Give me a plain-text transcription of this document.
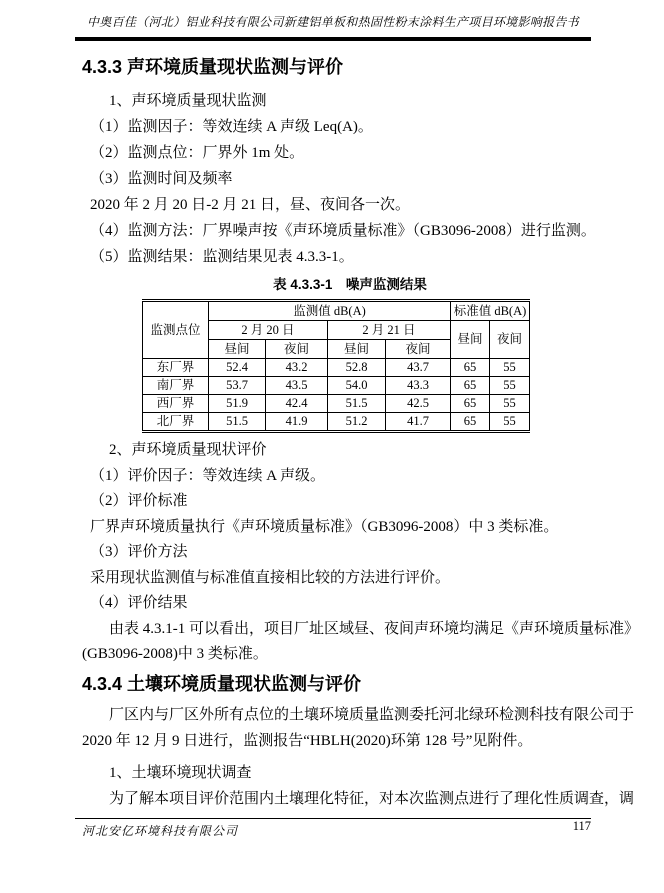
中奥百佳（河北）铝业科技有限公司新建铝单板和热固性粉末涂料生产项目环境影响报告书
4.3.3 声环境质量现状监测与评价
1、声环境质量现状监测
（1）监测因子：等效连续 A 声级 Leq(A)。
（2）监测点位：厂界外 1m 处。
（3）监测时间及频率
2020 年 2 月 20 日-2 月 21 日，昼、夜间各一次。
（4）监测方法：厂界噪声按《声环境质量标准》（GB3096-2008）进行监测。
（5）监测结果：监测结果见表 4.3.3-1。
表 4.3.3-1　噪声监测结果
监测点位	监测值 dB(A)				标准值 dB(A)	
	2 月 20 日		2 月 21 日		昼间	夜间
	昼间	夜间	昼间	夜间		
东厂界	52.4	43.2	52.8	43.7	65	55
南厂界	53.7	43.5	54.0	43.3	65	55
西厂界	51.9	42.4	51.5	42.5	65	55
北厂界	51.5	41.9	51.2	41.7	65	55
2、声环境质量现状评价
（1）评价因子：等效连续 A 声级。
（2）评价标准
厂界声环境质量执行《声环境质量标准》（GB3096-2008）中 3 类标准。
（3）评价方法
采用现状监测值与标准值直接相比较的方法进行评价。
（4）评价结果
由表 4.3.1-1 可以看出，项目厂址区域昼、夜间声环境均满足《声环境质量标准》
(GB3096-2008)中 3 类标准。
4.3.4 土壤环境质量现状监测与评价
厂区内与厂区外所有点位的土壤环境质量监测委托河北绿环检测科技有限公司于
2020 年 12 月 9 日进行，监测报告“HBLH(2020)环第 128 号”见附件。
1、土壤环境现状调查
为了解本项目评价范围内土壤理化特征，对本次监测点进行了理化性质调查，调
河北安亿环境科技有限公司	117
